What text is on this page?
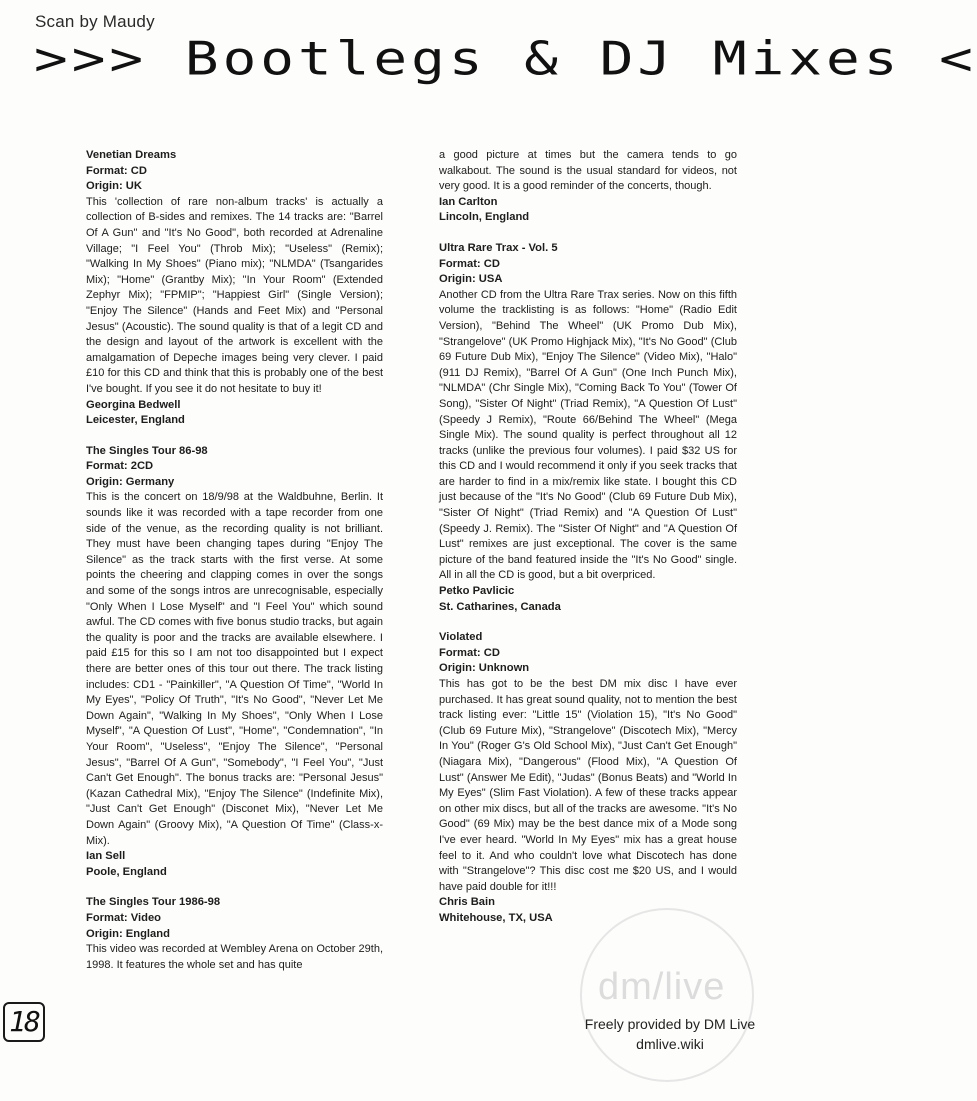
Scan by Maudy
>>> Bootlegs & DJ Mixes <
Venetian Dreams
Format: CD
Origin: UK

This 'collection of rare non-album tracks' is actually a collection of B-sides and remixes. The 14 tracks are: "Barrel Of A Gun" and "It's No Good", both recorded at Adrenaline Village; "I Feel You" (Throb Mix); "Useless" (Remix); "Walking In My Shoes" (Piano mix); "NLMDA" (Tsangarides Mix); "Home" (Grantby Mix); "In Your Room" (Extended Zephyr Mix); "FPMIP"; "Happiest Girl" (Single Version); "Enjoy The Silence" (Hands and Feet Mix) and "Personal Jesus" (Acoustic). The sound quality is that of a legit CD and the design and layout of the artwork is excellent with the amalgamation of Depeche images being very clever. I paid £10 for this CD and think that this is probably one of the best I've bought. If you see it do not hesitate to buy it!

Georgina Bedwell
Leicester, England
The Singles Tour 86-98
Format: 2CD
Origin: Germany

This is the concert on 18/9/98 at the Waldbuhne, Berlin. It sounds like it was recorded with a tape recorder from one side of the venue, as the recording quality is not brilliant. They must have been changing tapes during "Enjoy The Silence" as the track starts with the first verse. At some points the cheering and clapping comes in over the songs and some of the songs intros are unrecognisable, especially "Only When I Lose Myself" and "I Feel You" which sound awful. The CD comes with five bonus studio tracks, but again the quality is poor and the tracks are available elsewhere. I paid £15 for this so I am not too disappointed but I expect there are better ones of this tour out there. The track listing includes: CD1 - "Painkiller", "A Question Of Time", "World In My Eyes", "Policy Of Truth", "It's No Good", "Never Let Me Down Again", "Walking In My Shoes", "Only When I Lose Myself", "A Question Of Lust", "Home", "Condemnation", "In Your Room", "Useless", "Enjoy The Silence", "Personal Jesus", "Barrel Of A Gun", "Somebody", "I Feel You", "Just Can't Get Enough". The bonus tracks are: "Personal Jesus" (Kazan Cathedral Mix), "Enjoy The Silence" (Indefinite Mix), "Just Can't Get Enough" (Disconet Mix), "Never Let Me Down Again" (Groovy Mix), "A Question Of Time" (Class-x-Mix).

Ian Sell
Poole, England
The Singles Tour 1986-98
Format: Video
Origin: England

This video was recorded at Wembley Arena on October 29th, 1998. It features the whole set and has quite

a good picture at times but the camera tends to go walkabout. The sound is the usual standard for videos, not very good. It is a good reminder of the concerts, though.

Ian Carlton
Lincoln, England
Ultra Rare Trax - Vol. 5
Format: CD
Origin: USA

Another CD from the Ultra Rare Trax series. Now on this fifth volume the tracklisting is as follows: "Home" (Radio Edit Version), "Behind The Wheel" (UK Promo Dub Mix), "Strangelove" (UK Promo Highjack Mix), "It's No Good" (Club 69 Future Dub Mix), "Enjoy The Silence" (Video Mix), "Halo" (911 DJ Remix), "Barrel Of A Gun" (One Inch Punch Mix), "NLMDA" (Chr Single Mix), "Coming Back To You" (Tower Of Song), "Sister Of Night" (Triad Remix), "A Question Of Lust" (Speedy J Remix), "Route 66/Behind The Wheel" (Mega Single Mix). The sound quality is perfect throughout all 12 tracks (unlike the previous four volumes). I paid $32 US for this CD and I would recommend it only if you seek tracks that are harder to find in a mix/remix like state. I bought this CD just because of the "It's No Good" (Club 69 Future Dub Mix), "Sister Of Night" (Triad Remix) and "A Question Of Lust" (Speedy J. Remix). The "Sister Of Night" and "A Question Of Lust" remixes are just exceptional. The cover is the same picture of the band featured inside the "It's No Good" single. All in all the CD is good, but a bit overpriced.

Petko Pavlicic
St. Catharines, Canada
Violated
Format: CD
Origin: Unknown

This has got to be the best DM mix disc I have ever purchased. It has great sound quality, not to mention the best track listing ever: "Little 15" (Violation 15), "It's No Good" (Club 69 Future Mix), "Strangelove" (Discotech Mix), "Mercy In You" (Roger G's Old School Mix), "Just Can't Get Enough" (Niagara Mix), "Dangerous" (Flood Mix), "A Question Of Lust" (Answer Me Edit), "Judas" (Bonus Beats) and "World In My Eyes" (Slim Fast Violation). A few of these tracks appear on other mix discs, but all of the tracks are awesome. "It's No Good" (69 Mix) may be the best dance mix of a Mode song I've ever heard. "World In My Eyes" mix has a great house feel to it. And who couldn't love what Discotech has done with "Strangelove"? This disc cost me $20 US, and I would have paid double for it!!!

Chris Bain
Whitehouse, TX, USA
18
dm/live
Freely provided by DM Live
dmlive.wiki
